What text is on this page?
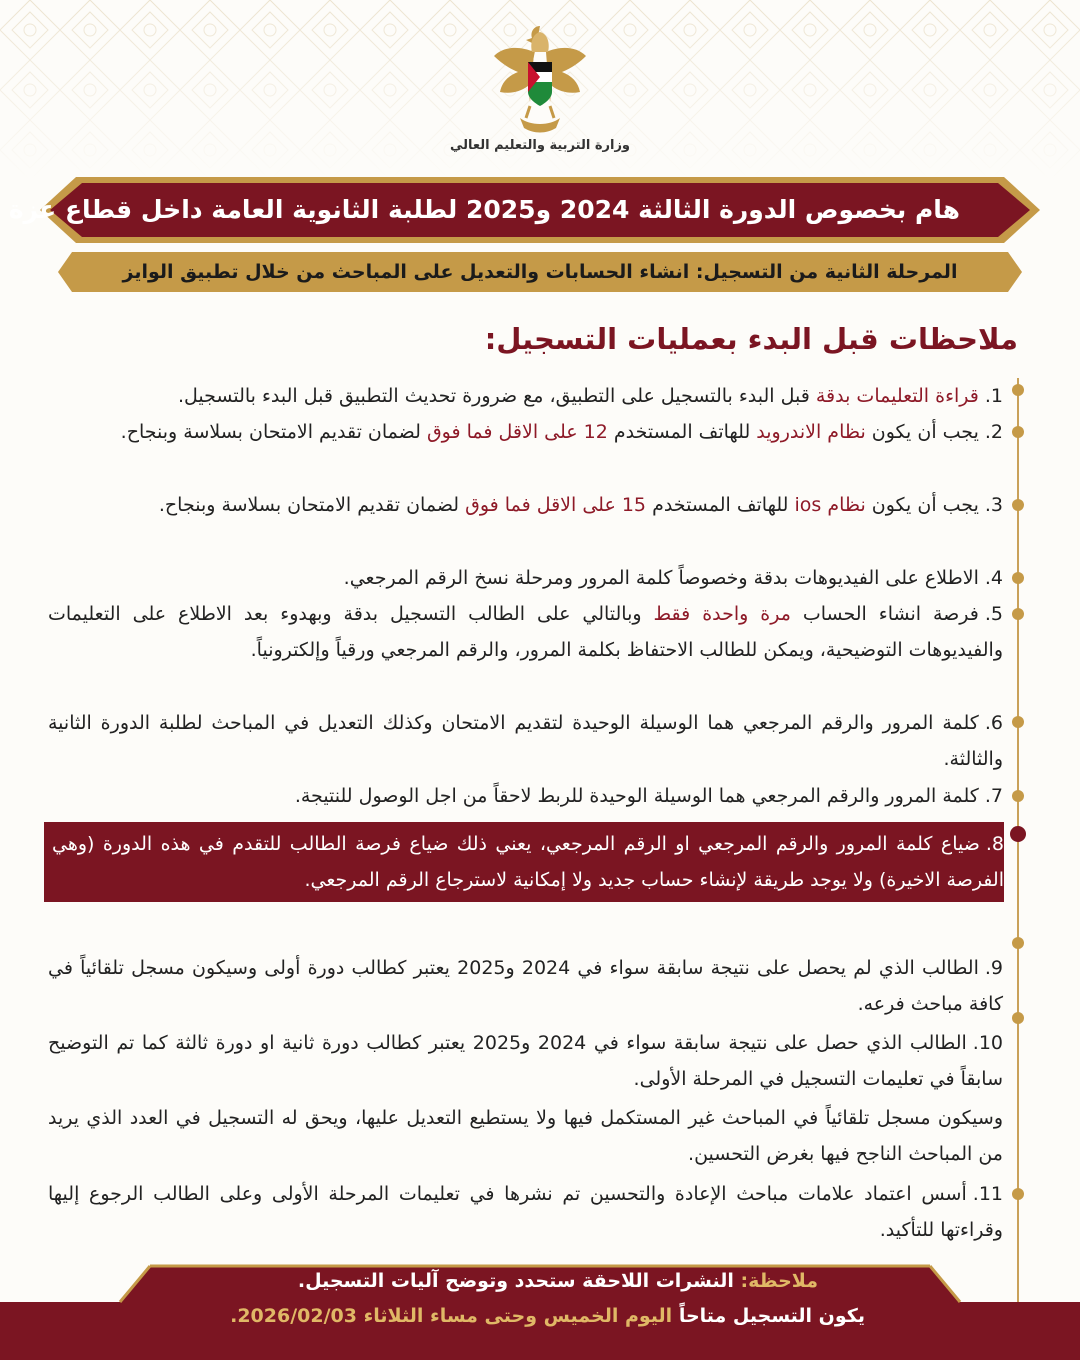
وزارة التربية والتعليم العالي
هام بخصوص الدورة الثالثة 2024 و2025 لطلبة الثانوية العامة داخل قطاع غزة
المرحلة الثانية من التسجيل: انشاء الحسابات والتعديل على المباحث من خلال تطبيق الوايز
ملاحظات قبل البدء بعمليات التسجيل:
1.قراءة التعليمات بدقة قبل البدء بالتسجيل على التطبيق، مع ضرورة تحديث التطبيق قبل البدء بالتسجيل.
2.يجب أن يكون نظام الاندرويد للهاتف المستخدم 12 على الاقل فما فوق لضمان تقديم الامتحان بسلاسة وبنجاح.
3.يجب أن يكون نظام ios للهاتف المستخدم 15 على الاقل فما فوق لضمان تقديم الامتحان بسلاسة وبنجاح.
4.الاطلاع على الفيديوهات بدقة وخصوصاً كلمة المرور ومرحلة نسخ الرقم المرجعي.
5.فرصة انشاء الحساب مرة واحدة فقط وبالتالي على الطالب التسجيل بدقة وبهدوء بعد الاطلاع على التعليمات والفيديوهات التوضيحية، ويمكن للطالب الاحتفاظ بكلمة المرور، والرقم المرجعي ورقياً وإلكترونياً.
6.كلمة المرور والرقم المرجعي هما الوسيلة الوحيدة لتقديم الامتحان وكذلك التعديل في المباحث لطلبة الدورة الثانية والثالثة.
7.كلمة المرور والرقم المرجعي هما الوسيلة الوحيدة للربط لاحقاً من اجل الوصول للنتيجة.
8.ضياع كلمة المرور والرقم المرجعي او الرقم المرجعي، يعني ذلك ضياع فرصة الطالب للتقدم في هذه الدورة (وهي الفرصة الاخيرة) ولا يوجد طريقة لإنشاء حساب جديد ولا إمكانية لاسترجاع الرقم المرجعي.
9.الطالب الذي لم يحصل على نتيجة سابقة سواء في 2024 و2025 يعتبر كطالب دورة أولى وسيكون مسجل تلقائياً في كافة مباحث فرعه.
10.الطالب الذي حصل على نتيجة سابقة سواء في 2024 و2025 يعتبر كطالب دورة ثانية او دورة ثالثة كما تم التوضيح سابقاً في تعليمات التسجيل في المرحلة الأولى.
وسيكون مسجل تلقائياً في المباحث غير المستكمل فيها ولا يستطيع التعديل عليها، ويحق له التسجيل في العدد الذي يريد من المباحث الناجح فيها بغرض التحسين.
11.أسس اعتماد علامات مباحث الإعادة والتحسين تم نشرها في تعليمات المرحلة الأولى وعلى الطالب الرجوع إليها وقراءتها للتأكيد.
ملاحظة: النشرات اللاحقة ستحدد وتوضح آليات التسجيل.
يكون التسجيل متاحاً اليوم الخميس وحتى مساء الثلاثاء 2026/02/03.
